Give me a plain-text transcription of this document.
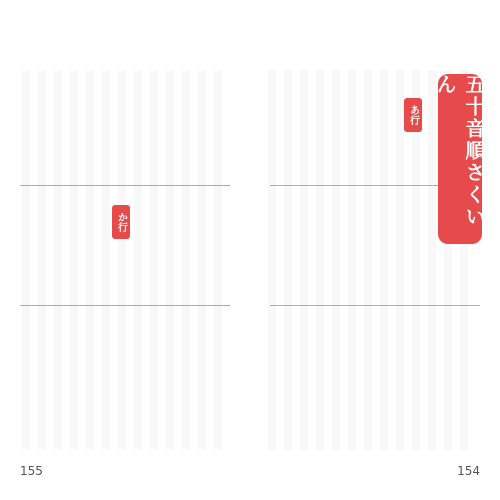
か行
155
あ行	五十音順さくいん
154
